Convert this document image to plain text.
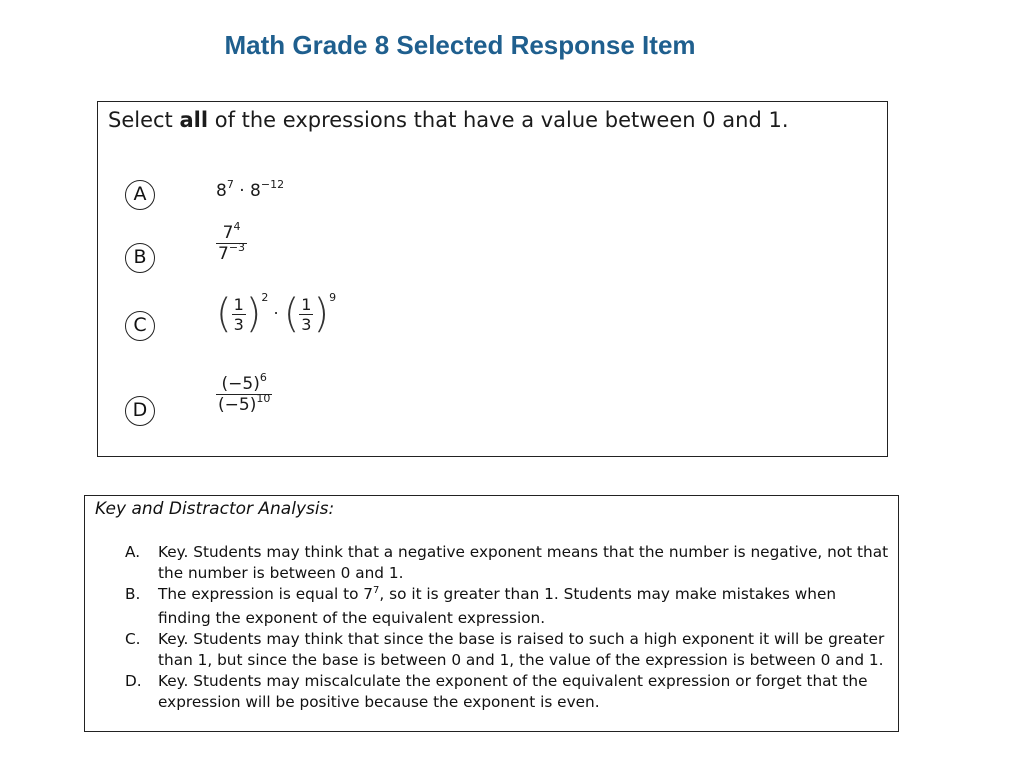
Math Grade 8 Selected Response Item
Select all of the expressions that have a value between 0 and 1.
A	$8^7 \cdot 8^{-12}$
B	$\frac{7^4}{7^{-3}}$
C ( $\frac{1}{3} )^2$ · ( $\frac{1}{3} )^9$
D	$\frac{(-5)^6}{(-5)^{10}}$
Key and Distractor Analysis:
A. Key. Students may think that a negative exponent means that the number is negative, not that the number is between 0 and 1.
B. The expression is equal to $7^7$, so it is greater than 1. Students may make mistakes when finding the exponent of the equivalent expression.
C. Key. Students may think that since the base is raised to such a high exponent it will be greater than 1, but since the base is between 0 and 1, the value of the expression is between 0 and 1.
D. Key. Students may miscalculate the exponent of the equivalent expression or forget that the expression will be positive because the exponent is even.
